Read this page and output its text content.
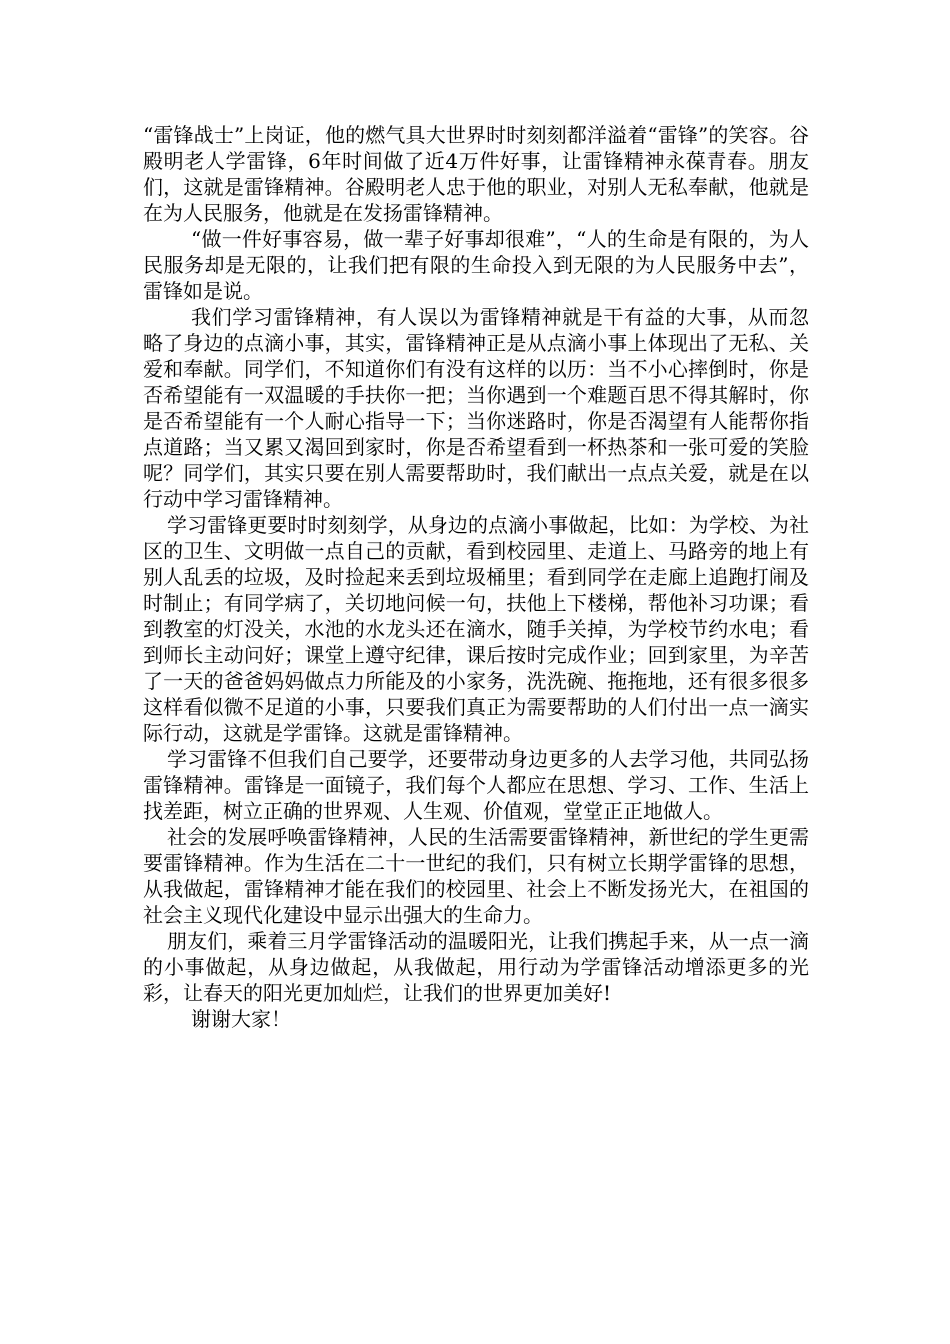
“雷锋战士”上岗证，他的燃气具大世界时时刻刻都洋溢着“雷锋”的笑容。谷殿明老人学雷锋，6年时间做了近4万件好事，让雷锋精神永葆青春。朋友们，这就是雷锋精神。谷殿明老人忠于他的职业，对别人无私奉献，他就是在为人民服务，他就是在发扬雷锋精神。

“做一件好事容易，做一辈子好事却很难”，“人的生命是有限的，为人民服务却是无限的，让我们把有限的生命投入到无限的为人民服务中去”，雷锋如是说。

我们学习雷锋精神，有人误以为雷锋精神就是干有益的大事，从而忽略了身边的点滴小事，其实，雷锋精神正是从点滴小事上体现出了无私、关爱和奉献。同学们，不知道你们有没有这样的以历：当不小心摔倒时，你是否希望能有一双温暖的手扶你一把；当你遇到一个难题百思不得其解时，你是否希望能有一个人耐心指导一下；当你迷路时，你是否渴望有人能帮你指点道路；当又累又渴回到家时，你是否希望看到一杯热茶和一张可爱的笑脸呢？同学们，其实只要在别人需要帮助时，我们献出一点点关爱，就是在以行动中学习雷锋精神。

学习雷锋更要时时刻刻学，从身边的点滴小事做起，比如：为学校、为社区的卫生、文明做一点自己的贡献，看到校园里、走道上、马路旁的地上有别人乱丢的垃圾，及时捡起来丢到垃圾桶里；看到同学在走廊上追跑打闹及时制止；有同学病了，关切地问候一句，扶他上下楼梯，帮他补习功课；看到教室的灯没关，水池的水龙头还在滴水，随手关掉，为学校节约水电；看到师长主动问好；课堂上遵守纪律，课后按时完成作业；回到家里，为辛苦了一天的爸爸妈妈做点力所能及的小家务，洗洗碗、拖拖地，还有很多很多这样看似微不足道的小事，只要我们真正为需要帮助的人们付出一点一滴实际行动，这就是学雷锋。这就是雷锋精神。

学习雷锋不但我们自己要学，还要带动身边更多的人去学习他，共同弘扬雷锋精神。雷锋是一面镜子，我们每个人都应在思想、学习、工作、生活上找差距，树立正确的世界观、人生观、价值观，堂堂正正地做人。

社会的发展呼唤雷锋精神，人民的生活需要雷锋精神，新世纪的学生更需要雷锋精神。作为生活在二十一世纪的我们，只有树立长期学雷锋的思想，从我做起，雷锋精神才能在我们的校园里、社会上不断发扬光大，在祖国的社会主义现代化建设中显示出强大的生命力。

朋友们，乘着三月学雷锋活动的温暖阳光，让我们携起手来，从一点一滴的小事做起，从身边做起，从我做起，用行动为学雷锋活动增添更多的光彩，让春天的阳光更加灿烂，让我们的世界更加美好!

谢谢大家！
